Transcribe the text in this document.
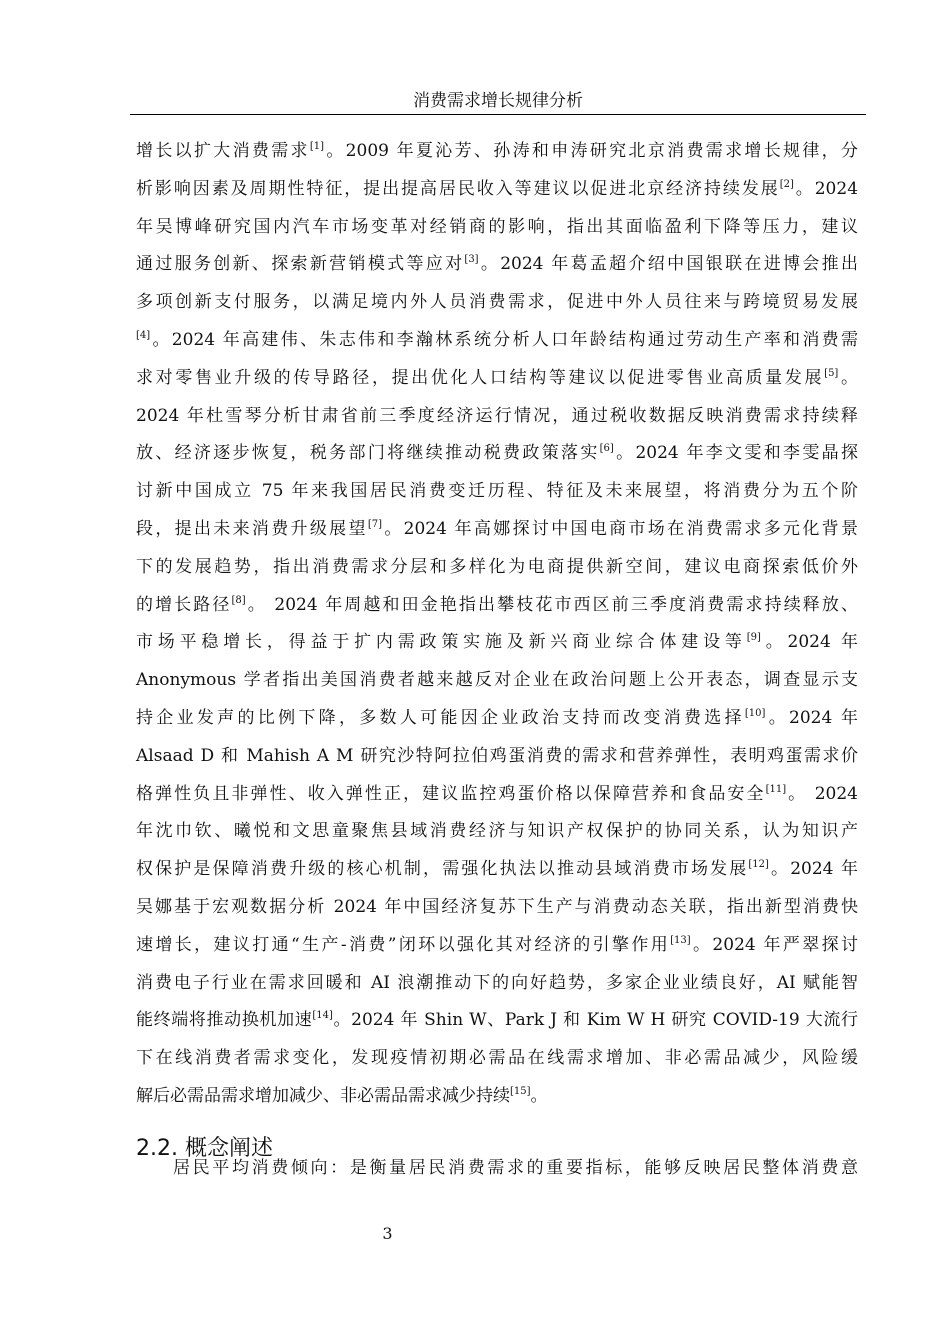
消费需求增长规律分析
增长以扩大消费需求[1]。2009 年夏沁芳、孙涛和申涛研究北京消费需求增长规律，分
析影响因素及周期性特征，提出提高居民收入等建议以促进北京经济持续发展[2]。2024
年吴博峰研究国内汽车市场变革对经销商的影响，指出其面临盈利下降等压力，建议
通过服务创新、探索新营销模式等应对[3]。2024 年葛孟超介绍中国银联在进博会推出
多项创新支付服务，以满足境内外人员消费需求，促进中外人员往来与跨境贸易发展
[4]。2024 年高建伟、朱志伟和李瀚林系统分析人口年龄结构通过劳动生产率和消费需
求对零售业升级的传导路径，提出优化人口结构等建议以促进零售业高质量发展[5]。
2024 年杜雪琴分析甘肃省前三季度经济运行情况，通过税收数据反映消费需求持续释
放、经济逐步恢复，税务部门将继续推动税费政策落实[6]。2024 年李文雯和李雯晶探
讨新中国成立 75 年来我国居民消费变迁历程、特征及未来展望，将消费分为五个阶
段，提出未来消费升级展望[7]。2024 年高娜探讨中国电商市场在消费需求多元化背景
下的发展趋势，指出消费需求分层和多样化为电商提供新空间，建议电商探索低价外
的增长路径[8]。 2024 年周越和田金艳指出攀枝花市西区前三季度消费需求持续释放、
市场平稳增长，得益于扩内需政策实施及新兴商业综合体建设等[9]。2024 年
Anonymous 学者指出美国消费者越来越反对企业在政治问题上公开表态，调查显示支
持企业发声的比例下降，多数人可能因企业政治支持而改变消费选择[10]。2024 年
Alsaad D 和 Mahish A M 研究沙特阿拉伯鸡蛋消费的需求和营养弹性，表明鸡蛋需求价
格弹性负且非弹性、收入弹性正，建议监控鸡蛋价格以保障营养和食品安全[11]。 2024
年沈巾钦、曦悦和文思童聚焦县域消费经济与知识产权保护的协同关系，认为知识产
权保护是保障消费升级的核心机制，需强化执法以推动县域消费市场发展[12]。2024 年
吴娜基于宏观数据分析 2024 年中国经济复苏下生产与消费动态关联，指出新型消费快
速增长，建议打通“生产-消费”闭环以强化其对经济的引擎作用[13]。2024 年严翠探讨
消费电子行业在需求回暖和 AI 浪潮推动下的向好趋势，多家企业业绩良好，AI 赋能智
能终端将推动换机加速[14]。2024 年 Shin W、Park J 和 Kim W H 研究 COVID-19 大流行
下在线消费者需求变化，发现疫情初期必需品在线需求增加、非必需品减少，风险缓
解后必需品需求增加减少、非必需品需求减少持续[15]。
2.2. 概念阐述
居民平均消费倾向：是衡量居民消费需求的重要指标，能够反映居民整体消费意
3
